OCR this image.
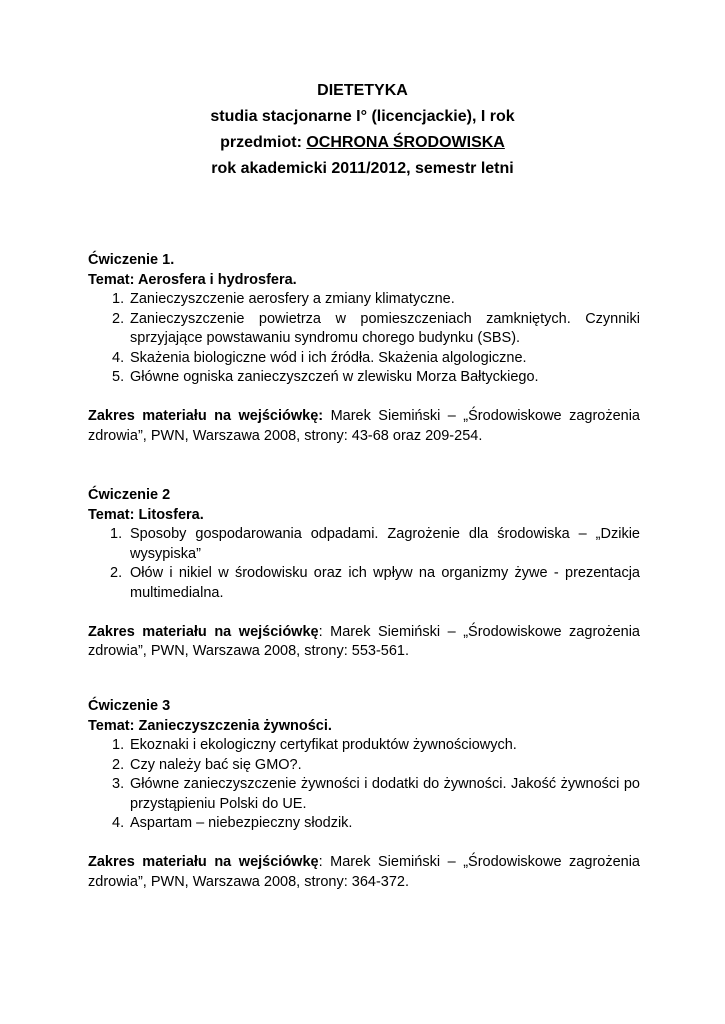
DIETETYKA
studia stacjonarne I° (licencjackie), I rok
przedmiot: OCHRONA ŚRODOWISKA
rok akademicki 2011/2012, semestr letni
Ćwiczenie 1.
Temat: Aerosfera i hydrosfera.
1. Zanieczyszczenie aerosfery a zmiany klimatyczne.
2. Zanieczyszczenie powietrza w pomieszczeniach zamkniętych. Czynniki sprzyjające powstawaniu syndromu chorego budynku (SBS).
4. Skażenia biologiczne wód i ich źródła. Skażenia algologiczne.
5. Główne ogniska zanieczyszczeń w zlewisku Morza Bałtyckiego.
Zakres materiału na wejściówkę: Marek Siemiński – „Środowiskowe zagrożenia zdrowia”, PWN, Warszawa 2008, strony: 43-68 oraz 209-254.
Ćwiczenie 2
Temat: Litosfera.
1. Sposoby gospodarowania odpadami. Zagrożenie dla środowiska – „Dzikie wysypiska”
2. Ołów i nikiel w środowisku oraz ich wpływ na organizmy żywe - prezentacja multimedialna.
Zakres materiału na wejściówkę: Marek Siemiński – „Środowiskowe zagrożenia zdrowia”, PWN, Warszawa 2008, strony: 553-561.
Ćwiczenie 3
Temat: Zanieczyszczenia żywności.
1. Ekoznaki i ekologiczny certyfikat produktów żywnościowych.
2. Czy należy bać się GMO?.
3. Główne zanieczyszczenie żywności i dodatki do żywności. Jakość żywności po przystąpieniu Polski do UE.
4. Aspartam – niebezpieczny słodzik.
Zakres materiału na wejściówkę: Marek Siemiński – „Środowiskowe zagrożenia zdrowia”, PWN, Warszawa 2008, strony: 364-372.
